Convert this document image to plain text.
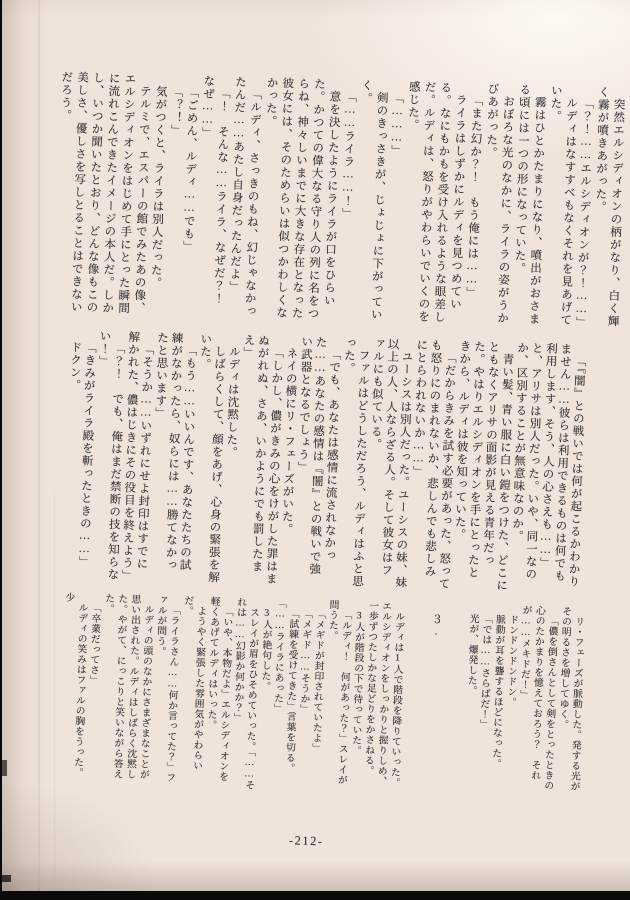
突然エルシディオンの柄がなり、白く輝く霧が噴きあがった。

「？！……エルシディオンが？！……」

ルディはなすすべもなくそれを見あげていた。

霧はひとかたまりになり、噴出がおさまる頃には一つの形になっていた。

おぼろな光のなかに、ライラの姿がうかびあがった。

「また幻か？！　もう俺には……」

ライラはしずかにルディを見つめている。なにもかもを受け入れるような眼差しだ。ルディは、怒りがやわらいでいくのを感じた。

「………」

剣のきっさきが、じょじょに下がっていく。

「……ライラ……！」

意を決したようにライラが口をひらいた。かつての偉大なる守り人の列に名をつらね、神々しいまでに大きな存在となった彼女には、そのためらいは似つかわしくなかった。

「ルディ、さっきのもね、幻じゃなかったんだ……あたし自身だったんだよ」

「！　そんな……ライラ、なぜだ？！　なぜ……」

「ごめん、ルディ……でも」

「？！」

気がつくと、ライラは別人だった。

テルミで、エスパーの館でみたあの像、エルシディオンをはじめて手にとった瞬間に流れこんできたイメージの本人だ。しかし、いつか聞いたとおり、どんな像もこの美しさ、優しさを写しとることはできないだろう。

「『闇』との戦いでは何が起こるかわかりません……彼らは利用できるものは何でも利用します、そう、人の心さえも……」と、アリサは別人だった。いや、同一なのか、区別することが無意味なのか。

青い髪、青い服に白い鎧をつけた、どこにともなくアリサの面影が見える青年だった。やはりエルシディオンを手にとったときから、ルディは彼を知っていた。

「だからきみを試す必要があった、怒っても怒りにのまれないか、悲しんでも悲しみにとらわれないか……」

ユーシスは別人だった。ユーシスの妹、妹以上の人、人ならざる人。そして彼女はファルにも似ている。

ファルはどうしただろう、ルディはふと思った。

「でも、あなたは感情に流されなかった……あなたの感情は『闇』との戦いで強い武器となるでしょう」

ネイの横にリ・フェーズがいた。

「しかし、儂がきみの心をけがした罪はまぬがれぬ、さあ、いかようにでも罰したまえ」

ルディは沈黙した。

しばらくして、顔をあげ、心身の緊張を解いた。

「もう……いいんです、あなたたちの試練がなかったら、奴らには……勝てなかったと思います」

「そうか……いずれにせよ封印はすでに解かれた、儂はじきにその役目を終えよう」

「？！　でも、俺はまだ禁断の技を知らない！」

「きみがライラ殿を斬ったときの……」

ドクン。

リ・フェーズが脈動した。発する光がその明るさを増してゆく。

「儂を倒さんとして剣をとったときの心のたかまりを憶えておろう？　それが……メキドだ！」

ドンドンドンドン。

脈動が耳を聾するほどになった。

「では……さらばだ！」

光が、爆発した。

３.

ルディは1人で階段を降りていった。エルシディオンをしっかりと握りしめ、一歩ずつたしかな足どりをかさねる。

3人が階段の下で待っていた。

「ルディ！　何があった？」スレイが問うた。

「メギドが封印されていたよ」

「メギド……そうか」

「試練を受けてきた」言葉を切る。「……ライラにあった」

3人が絶句した。

スレイが眉をひそめていった。「……それは……幻影か何かか？」

「いや、本物だよ」エルシディオンを軽くあげてルディはいった。

ようやく緊張した雰囲気がやわらいだ。

「ライラさん……何か言ってた？」ファルが問う。

ルディの頭のなかにさまざまなことが思い出された。ルディはしばらく沈黙した。やがて、にっこりと笑いながら答えた。

「卒業だってさ」

ルディの笑みはファルの胸をうった。少

-212-
